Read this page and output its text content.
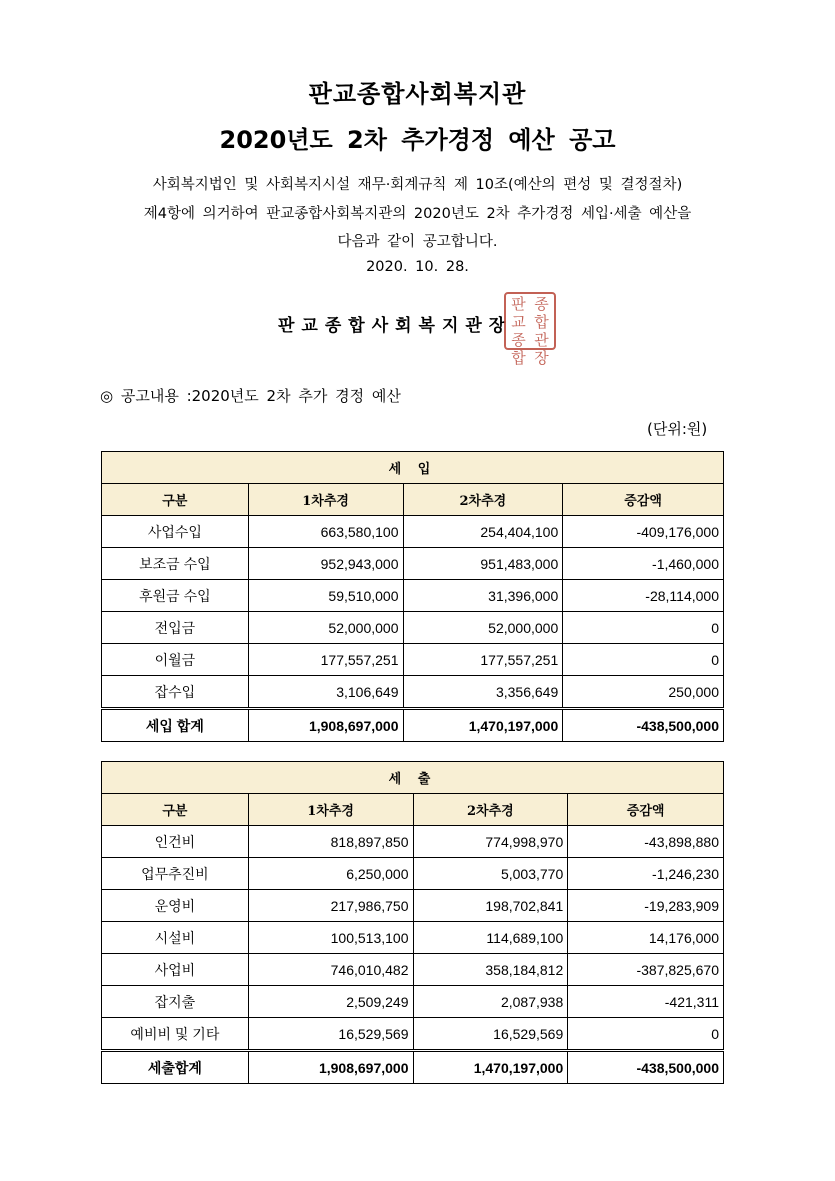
판교종합사회복지관
2020년도 2차 추가경정 예산 공고
사회복지법인 및 사회복지시설 재무·회계규칙 제 10조(예산의 편성 및 결정절차)
제4항에 의거하여 판교종합사회복지관의 2020년도 2차 추가경정 세입·세출 예산을
다음과 같이 공고합니다.
2020. 10. 28.
판교종합사회복지관장
판 종
교 합
종 관
합 장
◎ 공고내용 :2020년도 2차 추가 경정 예산
(단위:원)
세 입			
구분	1차추경	2차추경	증감액
사업수입	663,580,100	254,404,100	-409,176,000
보조금 수입	952,943,000	951,483,000	-1,460,000
후원금 수입	59,510,000	31,396,000	-28,114,000
전입금	52,000,000	52,000,000	0
이월금	177,557,251	177,557,251	0
잡수입	3,106,649	3,356,649	250,000
세입 합계	1,908,697,000	1,470,197,000	-438,500,000
세 출			
구분	1차추경	2차추경	증감액
인건비	818,897,850	774,998,970	-43,898,880
업무추진비	6,250,000	5,003,770	-1,246,230
운영비	217,986,750	198,702,841	-19,283,909
시설비	100,513,100	114,689,100	14,176,000
사업비	746,010,482	358,184,812	-387,825,670
잡지출	2,509,249	2,087,938	-421,311
예비비 및 기타	16,529,569	16,529,569	0
세출합계	1,908,697,000	1,470,197,000	-438,500,000
